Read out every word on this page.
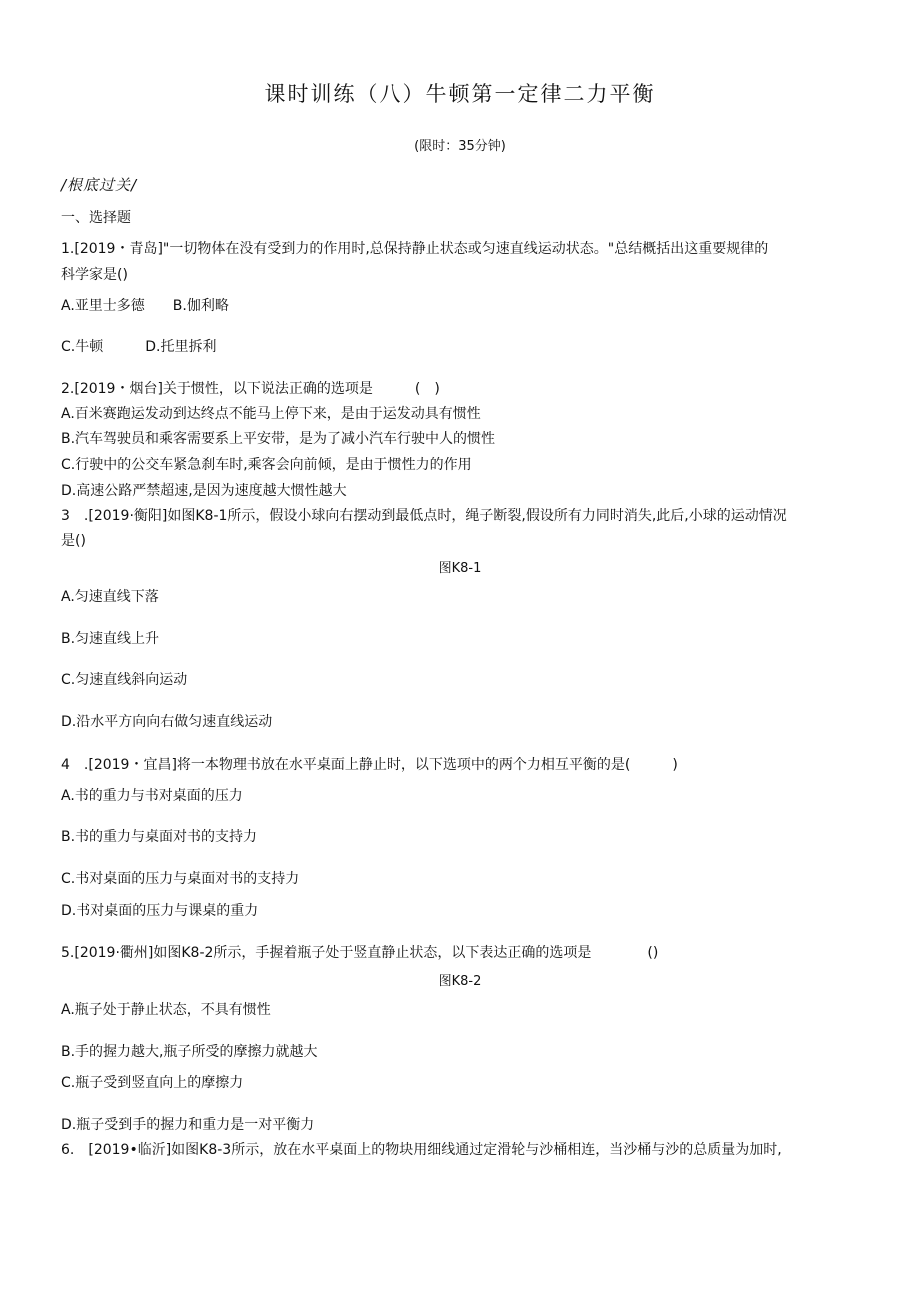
课时训练（八）牛顿第一定律二力平衡
(限时：35分钟)
/根底过关/
一、选择题
1.[2019・青岛]"一切物体在没有受到力的作用时,总保持静止状态或匀速直线运动状态。"总结概括出这重要规律的
科学家是()
A.亚里士多德　　B.伽利略
C.牛顿　　　D.托里拆利
2.[2019・烟台]关于惯性，以下说法正确的选项是　　　(　)
A.百米赛跑运发动到达终点不能马上停下来，是由于运发动具有惯性
B.汽车驾驶员和乘客需要系上平安带，是为了减小汽车行驶中人的惯性
C.行驶中的公交车紧急刹车时,乘客会向前倾，是由于惯性力的作用
D.高速公路严禁超速,是因为速度越大惯性越大
3　.[2019·衡阳]如图K8-1所示，假设小球向右摆动到最低点时，绳子断裂,假设所有力同时消失,此后,小球的运动情况
是()
图K8-1
A.匀速直线下落
B.匀速直线上升
C.匀速直线斜向运动
D.沿水平方向向右做匀速直线运动
4　.[2019・宜昌]将一本物理书放在水平桌面上静止时，以下选项中的两个力相互平衡的是(　　　)
A.书的重力与书对桌面的压力
B.书的重力与桌面对书的支持力
C.书对桌面的压力与桌面对书的支持力
D.书对桌面的压力与课桌的重力
5.[2019·衢州]如图K8-2所示，手握着瓶子处于竖直静止状态，以下表达正确的选项是　　　　()
图K8-2
A.瓶子处于静止状态，不具有惯性
B.手的握力越大,瓶子所受的摩擦力就越大
C.瓶子受到竖直向上的摩擦力
D.瓶子受到手的握力和重力是一对平衡力
6.　[2019•临沂]如图K8-3所示，放在水平桌面上的物块用细线通过定滑轮与沙桶相连，当沙桶与沙的总质量为加时,
